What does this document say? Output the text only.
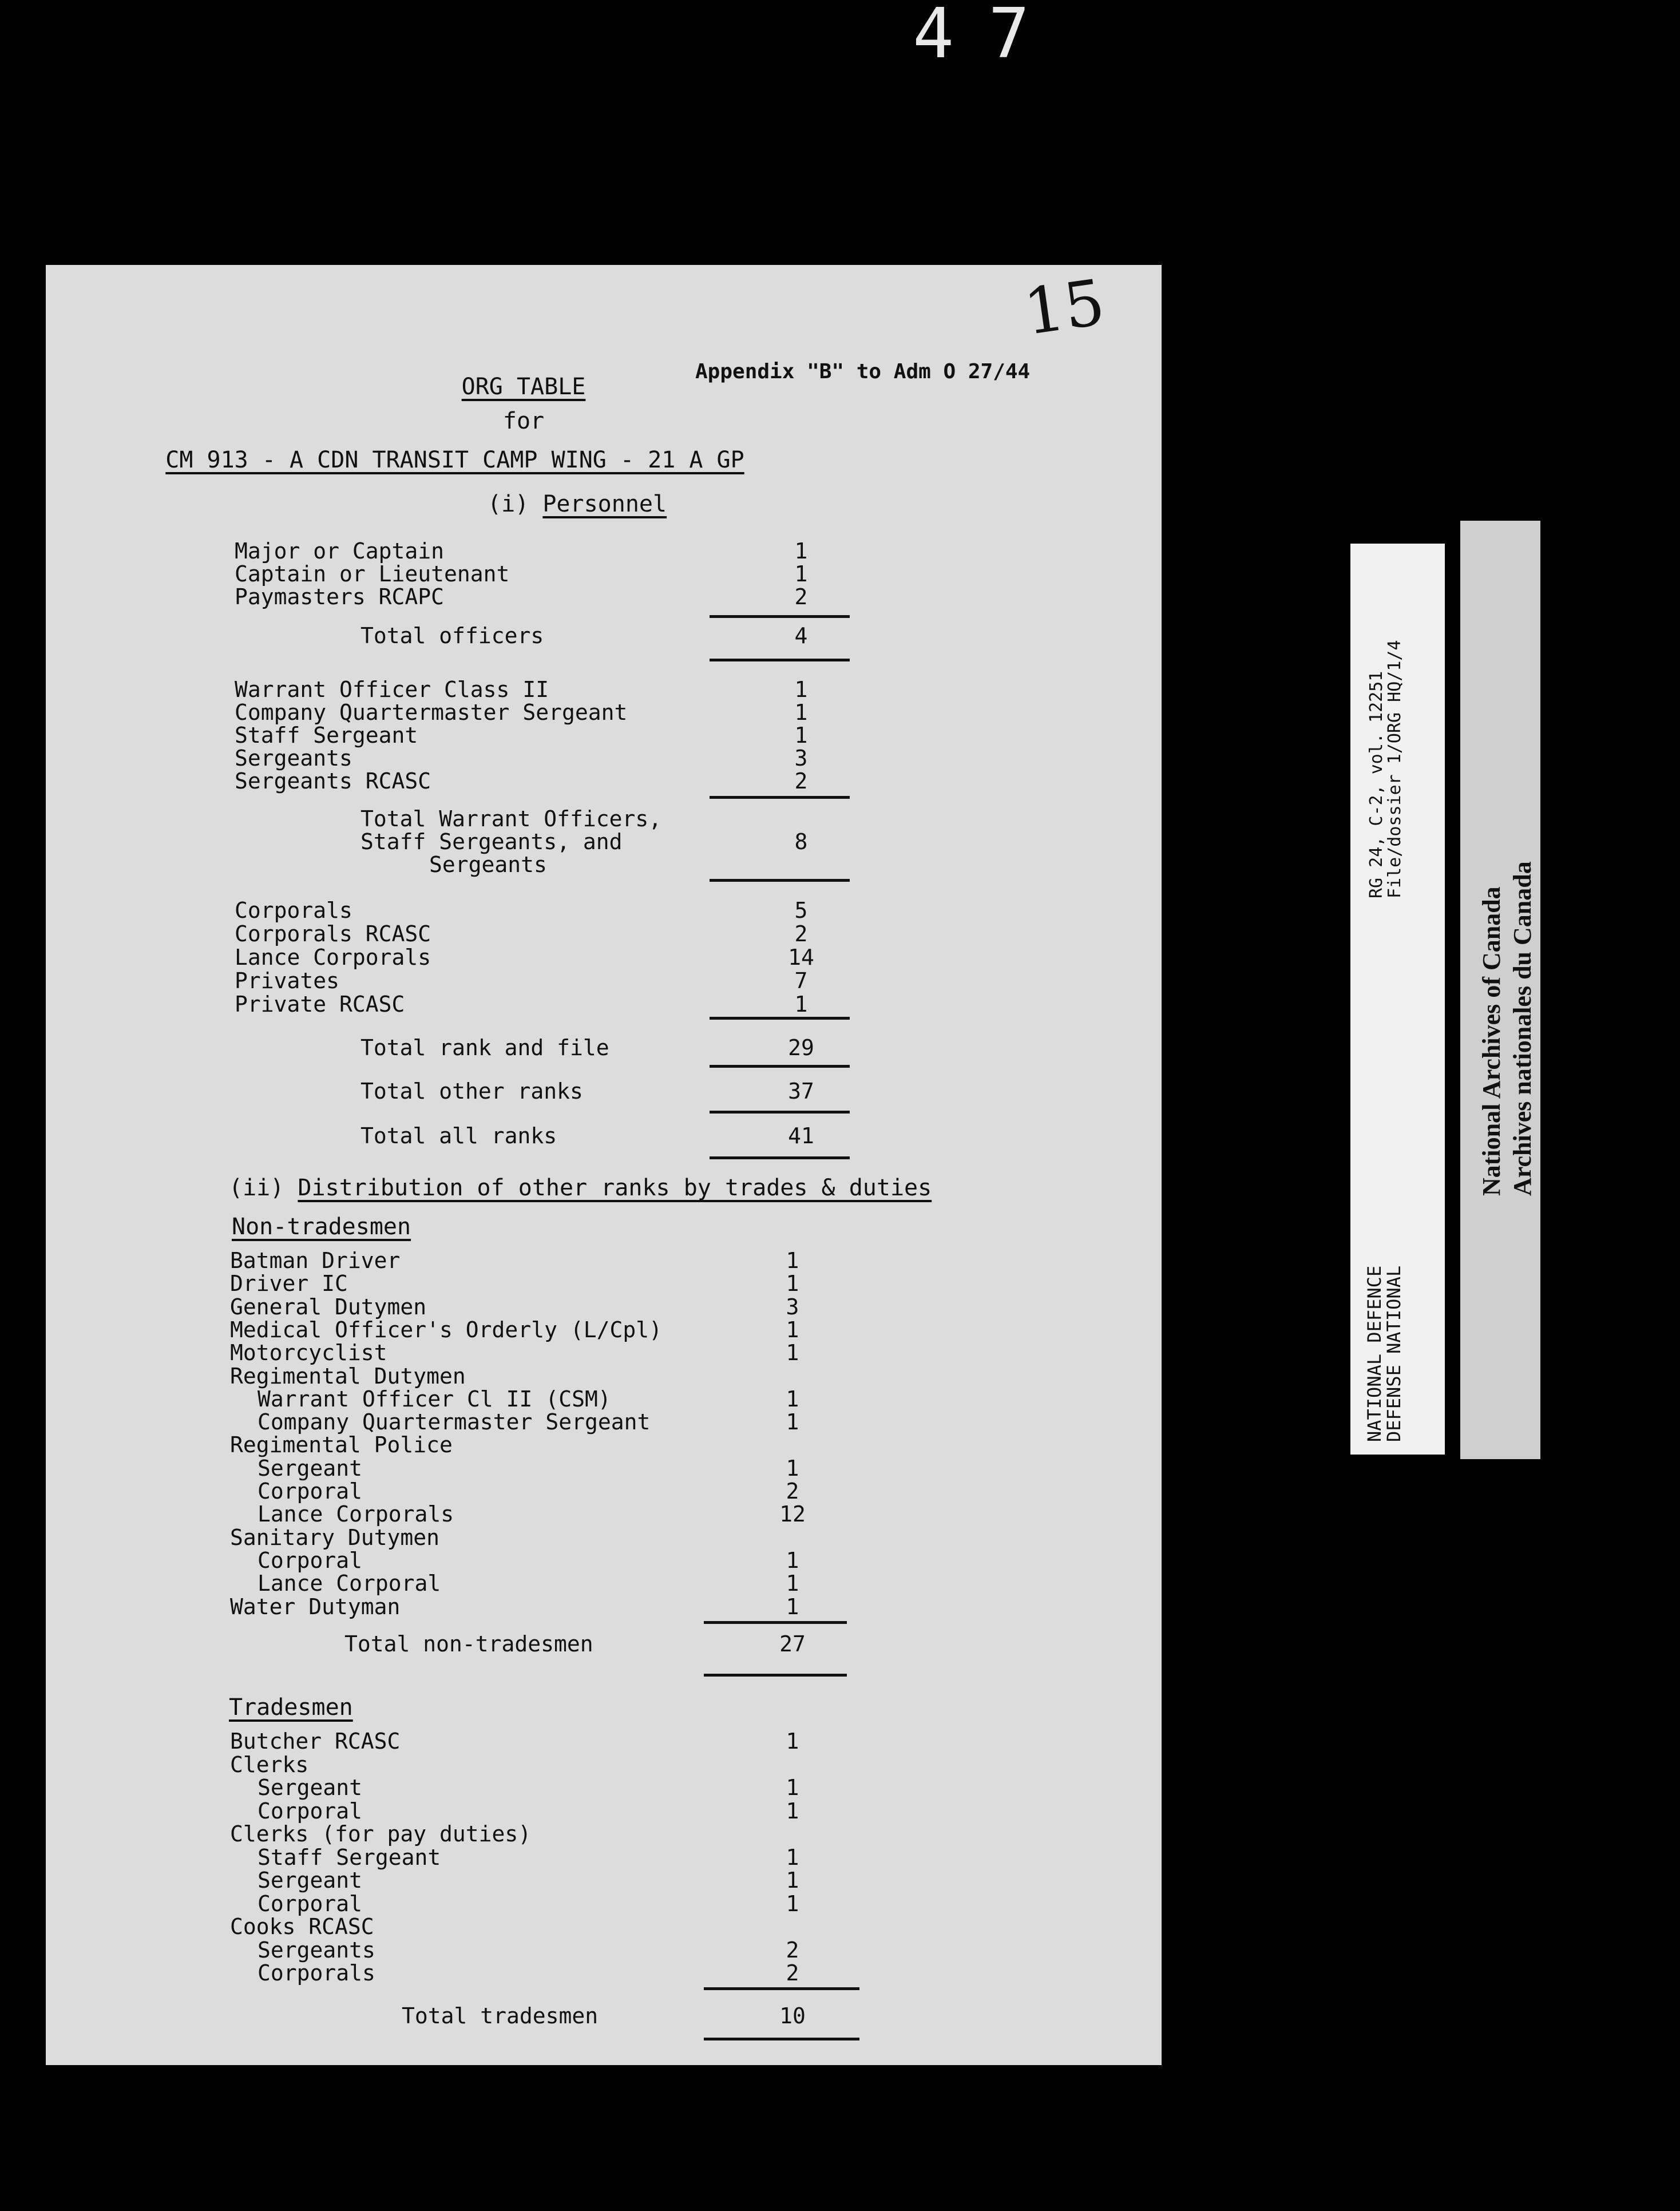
47
15
Appendix "B" to Adm O 27/44
ORG TABLE
for
CM 913 - A CDN TRANSIT CAMP WING - 21 A GP
(i) Personnel
Major or Captain	1
Captain or Lieutenant	1
Paymasters RCAPC	2
Total officers	4
Warrant Officer Class II	1
Company Quartermaster Sergeant	1
Staff Sergeant	1
Sergeants	3
Sergeants RCASC	2
Total Warrant Officers,
Staff Sergeants, and	8
Sergeants
Corporals	5
Corporals RCASC	2
Lance Corporals	14
Privates	7
Private RCASC	1
Total rank and file	29
Total other ranks	37
Total all ranks	41
(ii) Distribution of other ranks by trades & duties
Non-tradesmen
Tradesmen
Batman Driver	1
Driver IC	1
General Dutymen	3
Medical Officer's Orderly (L/Cpl)	1
Motorcyclist	1
Regimental Dutymen
Warrant Officer Cl II (CSM)	1
Company Quartermaster Sergeant	1
Regimental Police
Sergeant	1
Corporal	2
Lance Corporals	12
Sanitary Dutymen
Corporal	1
Lance Corporal	1
Water Dutyman	1
Total non-tradesmen	27
Butcher RCASC	1
Clerks
Sergeant	1
Corporal	1
Clerks (for pay duties)
Staff Sergeant	1
Sergeant	1
Corporal	1
Cooks RCASC
Sergeants	2
Corporals	2
Total tradesmen	10
NATIONAL DEFENCE
DEFENSE NATIONAL
RG 24, C-2, vol. 12251
File/dossier 1/ORG HQ/1/4
National Archives of Canada Archives nationales du Canada
